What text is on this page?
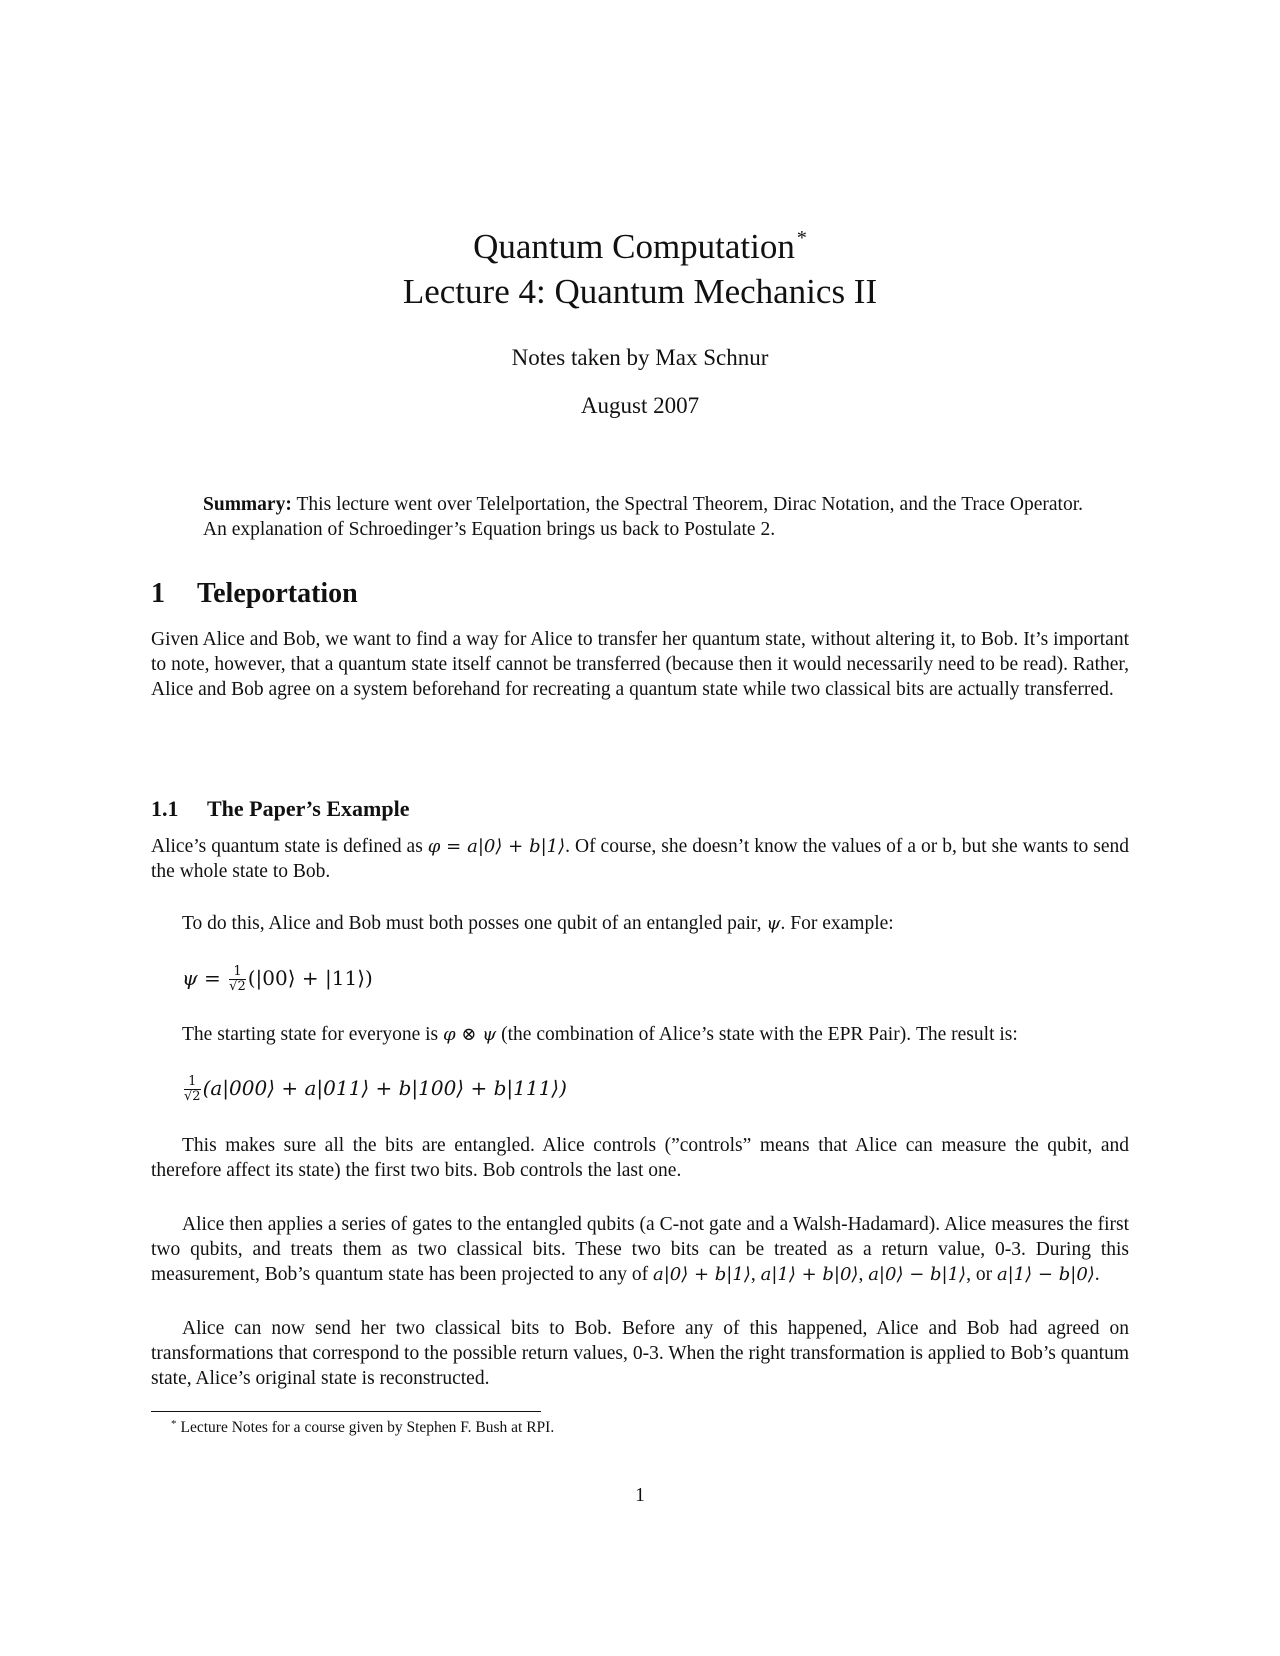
Quantum Computation *
Lecture 4: Quantum Mechanics II
Notes taken by Max Schnur
August 2007
Summary: This lecture went over Telelportation, the Spectral Theorem, Dirac Notation, and the Trace Operator. An explanation of Schroedinger’s Equation brings us back to Postulate 2.
1 Teleportation
Given Alice and Bob, we want to find a way for Alice to transfer her quantum state, without altering it, to Bob. It’s important to note, however, that a quantum state itself cannot be transferred (because then it would necessarily need to be read). Rather, Alice and Bob agree on a system beforehand for recreating a quantum state while two classical bits are actually transferred.
1.1 The Paper’s Example
Alice’s quantum state is defined as φ = a|0⟩ + b|1⟩. Of course, she doesn’t know the values of a or b, but she wants to send the whole state to Bob.
To do this, Alice and Bob must both posses one qubit of an entangled pair, ψ. For example:
$\psi = \frac{1}{√2}$ (|00⟩ + |11⟩)
The starting state for everyone is φ ⊗ ψ (the combination of Alice’s state with the EPR Pair). The result is:
$\frac{1}{√2}$ (a|000⟩ + a|011⟩ + b|100⟩ + b|111⟩)
This makes sure all the bits are entangled. Alice controls (”controls” means that Alice can measure the qubit, and therefore affect its state) the first two bits. Bob controls the last one.
Alice then applies a series of gates to the entangled qubits (a C-not gate and a Walsh-Hadamard). Alice measures the first two qubits, and treats them as two classical bits. These two bits can be treated as a return value, 0-3. During this measurement, Bob’s quantum state has been projected to any of a|0⟩ + b|1⟩, a|1⟩ + b|0⟩, a|0⟩ − b|1⟩, or a|1⟩ − b|0⟩.
Alice can now send her two classical bits to Bob. Before any of this happened, Alice and Bob had agreed on transformations that correspond to the possible return values, 0-3. When the right transformation is applied to Bob’s quantum state, Alice’s original state is reconstructed.
* Lecture Notes for a course given by Stephen F. Bush at RPI.
1
